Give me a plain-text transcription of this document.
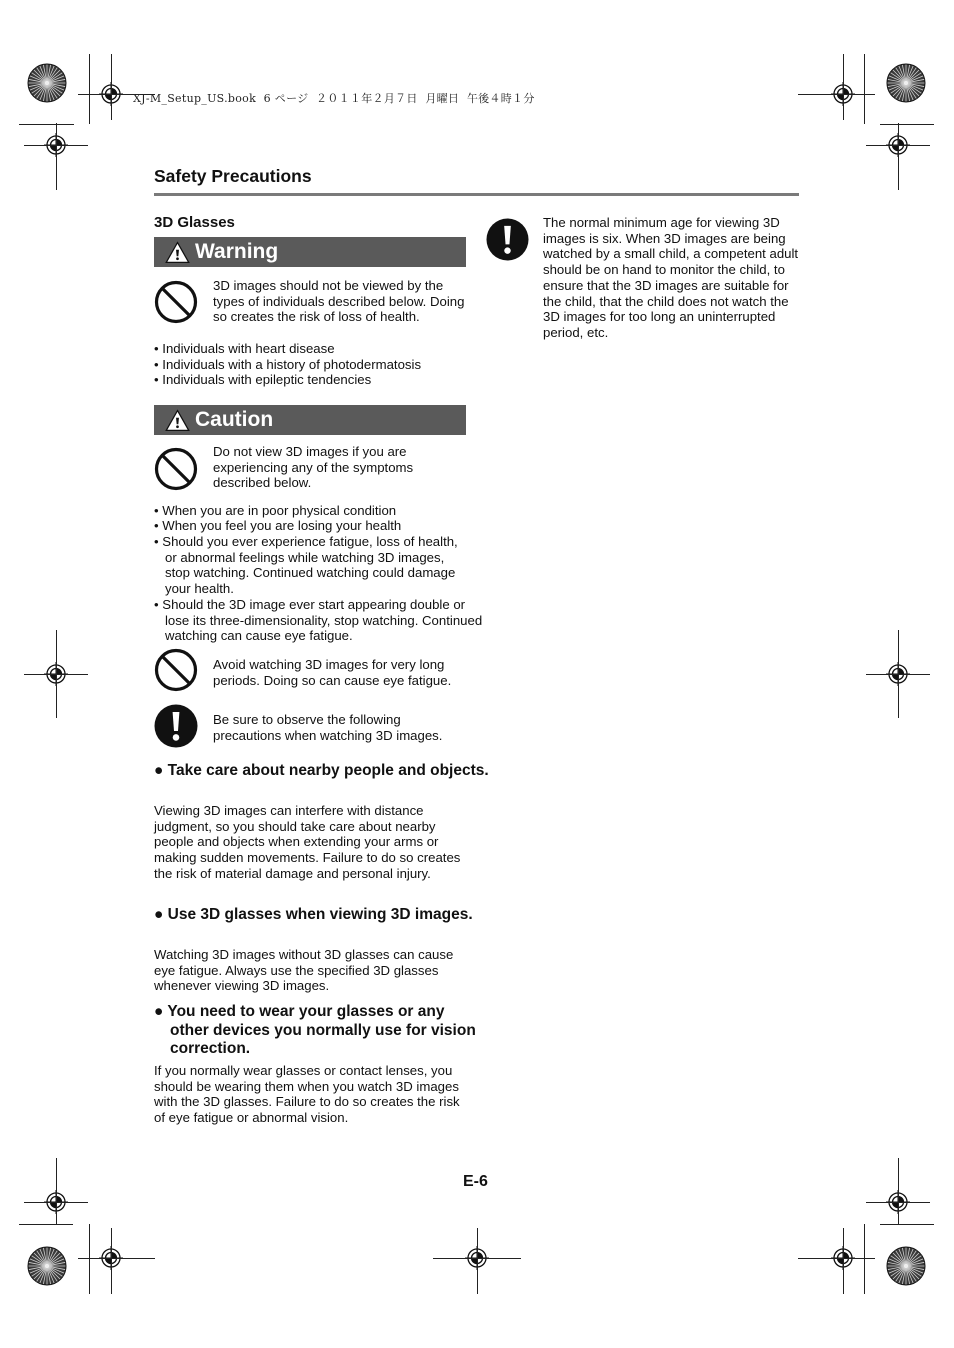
XJ-M_Setup_US.book  6 ページ  ２０１１年２月７日  月曜日  午後４時１分
Safety Precautions
3D Glasses
Warning
3D images should not be viewed by the types of individuals described below. Doing so creates the risk of loss of health.
• Individuals with heart disease
• Individuals with a history of photodermatosis
• Individuals with epileptic tendencies
Caution
Do not view 3D images if you are experiencing any of the symptoms described below.
• When you are in poor physical condition
• When you feel you are losing your health
• Should you ever experience fatigue, loss of health, or abnormal feelings while watching 3D images, stop watching. Continued watching could damage your health.
• Should the 3D image ever start appearing double or lose its three-dimensionality, stop watching. Continued watching can cause eye fatigue.
Avoid watching 3D images for very long periods. Doing so can cause eye fatigue.
Be sure to observe the following precautions when watching 3D images.
● Take care about nearby people and objects.
Viewing 3D images can interfere with distance judgment, so you should take care about nearby people and objects when extending your arms or making sudden movements. Failure to do so creates the risk of material damage and personal injury.
● Use 3D glasses when viewing 3D images.
Watching 3D images without 3D glasses can cause eye fatigue. Always use the specified 3D glasses whenever viewing 3D images.
● You need to wear your glasses or any other devices you normally use for vision correction.
If you normally wear glasses or contact lenses, you should be wearing them when you watch 3D images with the 3D glasses. Failure to do so creates the risk of eye fatigue or abnormal vision.
The normal minimum age for viewing 3D images is six. When 3D images are being watched by a small child, a competent adult should be on hand to monitor the child, to ensure that the 3D images are suitable for the child, that the child does not watch the 3D images for too long an uninterrupted period, etc.
E-6
